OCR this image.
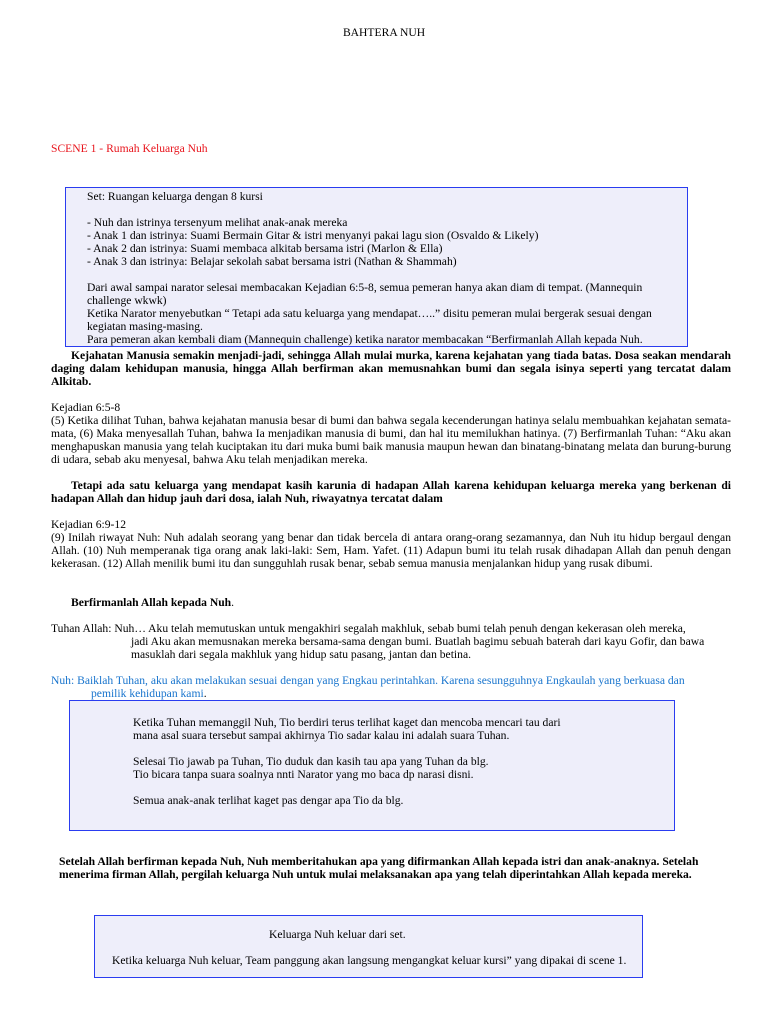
BAHTERA NUH
SCENE 1 - Rumah Keluarga Nuh
Set: Ruangan keluarga dengan 8 kursi
- Nuh dan istrinya tersenyum melihat anak-anak mereka
- Anak 1 dan istrinya: Suami Bermain Gitar & istri menyanyi pakai lagu sion (Osvaldo & Likely)
- Anak 2 dan istrinya: Suami membaca alkitab bersama istri (Marlon & Ella)
- Anak 3 dan istrinya: Belajar sekolah sabat bersama istri (Nathan & Shammah)
Dari awal sampai narator selesai membacakan Kejadian 6:5-8, semua pemeran hanya akan diam di tempat. (Mannequin
challenge wkwk)
Ketika Narator menyebutkan “ Tetapi ada satu keluarga yang mendapat…..” disitu pemeran mulai bergerak sesuai dengan
kegiatan masing-masing.
Para pemeran akan kembali diam (Mannequin challenge) ketika narator membacakan “Berfirmanlah Allah kepada Nuh.
Kejahatan Manusia semakin menjadi-jadi, sehingga Allah mulai murka, karena kejahatan yang tiada batas. Dosa seakan mendarah daging dalam kehidupan manusia, hingga Allah berfirman akan memusnahkan bumi dan segala isinya seperti yang tercatat dalam Alkitab.
Kejadian 6:5-8
(5) Ketika dilihat Tuhan, bahwa kejahatan manusia besar di bumi dan bahwa segala kecenderungan hatinya selalu membuahkan kejahatan semata-mata, (6) Maka menyesallah Tuhan, bahwa Ia menjadikan manusia di bumi, dan hal itu memilukhan hatinya. (7) Berfirmanlah Tuhan: “Aku akan menghapuskan manusia yang telah kuciptakan itu dari muka bumi baik manusia maupun hewan dan binatang-binatang melata dan burung-burung di udara, sebab aku menyesal, bahwa Aku telah menjadikan mereka.
Tetapi ada satu keluarga yang mendapat kasih karunia di hadapan Allah karena kehidupan keluarga mereka yang berkenan di hadapan Allah dan hidup jauh dari dosa, ialah Nuh, riwayatnya tercatat dalam
Kejadian 6:9-12
(9) Inilah riwayat Nuh: Nuh adalah seorang yang benar dan tidak bercela di antara orang-orang sezamannya, dan Nuh itu hidup bergaul dengan Allah. (10) Nuh memperanak tiga orang anak laki-laki: Sem, Ham. Yafet. (11) Adapun bumi itu telah rusak dihadapan Allah dan penuh dengan kekerasan. (12) Allah menilik bumi itu dan sungguhlah rusak benar, sebab semua manusia menjalankan hidup yang rusak dibumi.
Berfirmanlah Allah kepada Nuh.
Tuhan Allah: Nuh… Aku telah memutuskan untuk mengakhiri segalah makhluk, sebab bumi telah penuh dengan kekerasan oleh mereka,
jadi Aku akan memusnakan mereka bersama-sama dengan bumi. Buatlah bagimu sebuah baterah dari kayu Gofir, dan bawa
masuklah dari segala makhluk yang hidup satu pasang, jantan dan betina.
Nuh: Baiklah Tuhan, aku akan melakukan sesuai dengan yang Engkau perintahkan. Karena sesungguhnya Engkaulah yang berkuasa dan
pemilik kehidupan kami.
Ketika Tuhan memanggil Nuh, Tio berdiri terus terlihat kaget dan mencoba mencari tau dari
mana asal suara tersebut sampai akhirnya Tio sadar kalau ini adalah suara Tuhan.
Selesai Tio jawab pa Tuhan, Tio duduk dan kasih tau apa yang Tuhan da blg.
Tio bicara tanpa suara soalnya nnti Narator yang mo baca dp narasi disni.
Semua anak-anak terlihat kaget pas dengar apa Tio da blg.
Setelah Allah berfirman kepada Nuh, Nuh memberitahukan apa yang difirmankan Allah kepada istri dan anak-anaknya. Setelah menerima firman Allah, pergilah keluarga Nuh untuk mulai melaksanakan apa yang telah diperintahkan Allah kepada mereka.
Keluarga Nuh keluar dari set.
Ketika keluarga Nuh keluar, Team panggung akan langsung mengangkat keluar kursi” yang dipakai di scene 1.
